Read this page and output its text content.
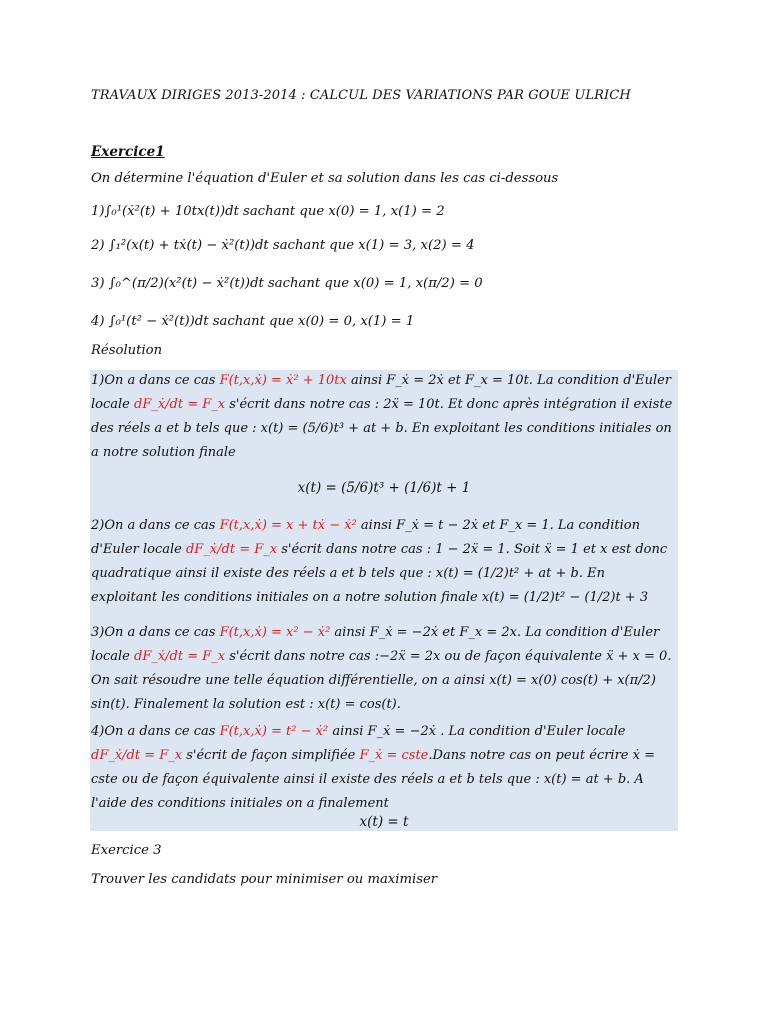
TRAVAUX DIRIGES 2013-2014 : CALCUL DES VARIATIONS PAR GOUE ULRICH
Exercice1
On détermine l'équation d'Euler et sa solution dans les cas ci-dessous
1)∫₀¹(ẋ²(t) + 10tx(t))dt sachant que x(0) = 1, x(1) = 2
2) ∫₁²(x(t) + tẋ(t) − ẋ²(t))dt sachant que x(1) = 3, x(2) = 4
3) ∫₀^(π/2)(x²(t) − ẋ²(t))dt sachant que x(0) = 1, x(π/2) = 0
4) ∫₀¹(t² − ẋ²(t))dt sachant que x(0) = 0, x(1) = 1
Résolution
1)On a dans ce cas F(t,x,ẋ) = ẋ² + 10tx ainsi F_ẋ = 2ẋ et F_x = 10t. La condition d'Euler locale dF_ẋ/dt = F_x s'écrit dans notre cas : 2ẍ = 10t. Et donc après intégration il existe des réels a et b tels que : x(t) = (5/6)t³ + at + b. En exploitant les conditions initiales on a notre solution finale
x(t) = (5/6)t³ + (1/6)t + 1
2)On a dans ce cas F(t,x,ẋ) = x + tẋ − ẋ² ainsi F_ẋ = t − 2ẋ et F_x = 1. La condition d'Euler locale dF_ẋ/dt = F_x s'écrit dans notre cas : 1 − 2ẍ = 1. Soit ẍ = 1 et x est donc quadratique ainsi il existe des réels a et b tels que : x(t) = (1/2)t² + at + b. En exploitant les conditions initiales on a notre solution finale x(t) = (1/2)t² − (1/2)t + 3
3)On a dans ce cas F(t,x,ẋ) = x² − ẋ² ainsi F_ẋ = −2ẋ et F_x = 2x. La condition d'Euler locale dF_ẋ/dt = F_x s'écrit dans notre cas :−2ẍ = 2x ou de façon équivalente ẍ + x = 0. On sait résoudre une telle équation différentielle, on a ainsi x(t) = x(0) cos(t) + x(π/2) sin(t). Finalement la solution est : x(t) = cos(t).
4)On a dans ce cas F(t,x,ẋ) = t² − ẋ² ainsi F_ẋ = −2ẋ . La condition d'Euler locale dF_ẋ/dt = F_x s'écrit de façon simplifiée F_ẋ = cste.Dans notre cas on peut écrire ẋ = cste ou de façon équivalente ainsi il existe des réels a et b tels que : x(t) = at + b. A l'aide des conditions initiales on a finalement
x(t) = t
Exercice 3
Trouver les candidats pour minimiser ou maximiser
